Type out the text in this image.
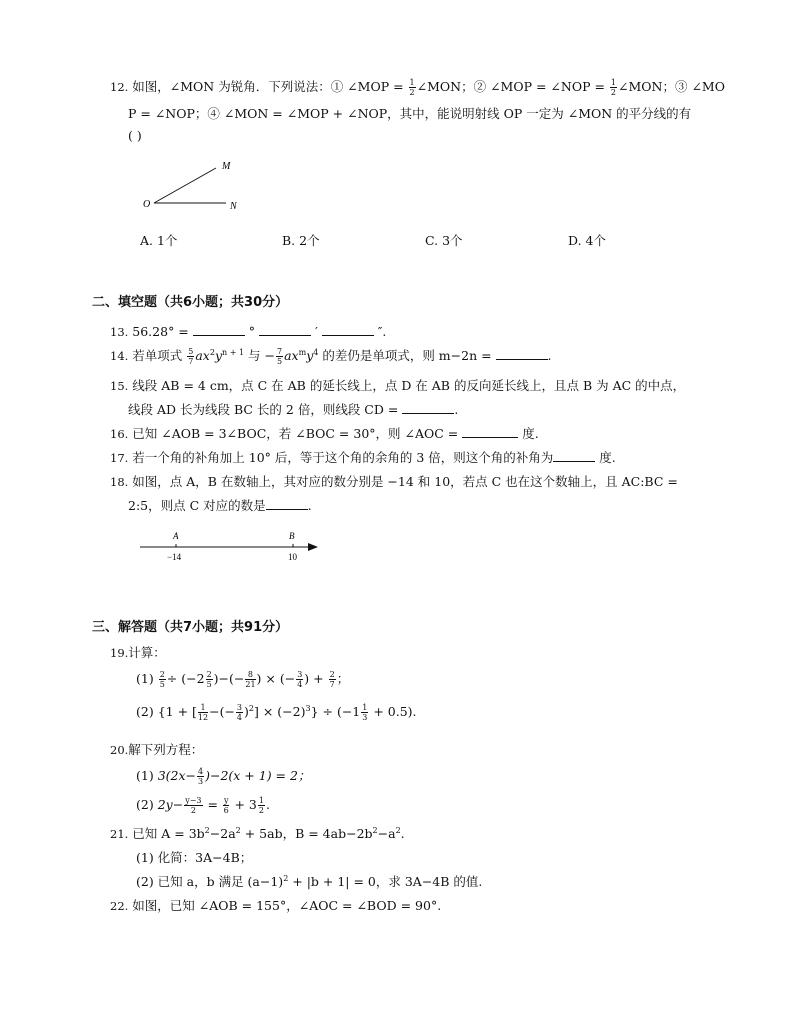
12. 如图，∠MON 为锐角．下列说法：① ∠MOP = $\frac{1}{2}$ ∠MON；② ∠MOP = ∠NOP = $\frac{1}{2}$ ∠MON；③ ∠MO
P = ∠NOP；④ ∠MON = ∠MOP + ∠NOP，其中，能说明射线 OP 一定为 ∠MON 的平分线的有
( )
M
O	N
A. 1个	B. 2个	C. 3个	D. 4个
二、填空题（共6小题；共30分）
13. 56.28° =	°	′	″.
14. 若单项式 $\frac{5}{7} ax^2y^{n + 1}$ 与 − $\frac{7}{5} ax^my^4$ 的差仍是单项式，则 m−2n =	.
15. 线段 AB = 4 cm，点 C 在 AB 的延长线上，点 D 在 AB 的反向延长线上，且点 B 为 AC 的中点，
线段 AD 长为线段 BC 长的 2 倍，则线段 CD =	.
16. 已知 ∠AOB = 3∠BOC，若 ∠BOC = 30°，则 ∠AOC =	度.
17. 若一个角的补角加上 10° 后，等于这个角的余角的 3 倍，则这个角的补角为	度.
18. 如图，点 A，B 在数轴上，其对应的数分别是 −14 和 10，若点 C 也在这个数轴上，且 AC:BC =
2:5，则点 C 对应的数是	.
A	B
−14	10
三、解答题（共7小题；共91分）
19.计算：
$(1) \frac{2}{5} \div (-2 \frac{2}{5}$ )−(− $\frac{8}{21}$ ) × (− $\frac{3}{4}$ ) + $\frac{2}{7}$ ；
(2) {1 + [ $\frac{1}{12}$ −(− $\frac{3}{4} )^2] \times (-2)^3\} \div (-1 \frac{1}{3} + 0.5)$.
20.解下列方程：
(1) $3(2x- \frac{4}{3} )-2(x + 1) = 2$；
(2) $2y- \frac{y-3}{2} = \frac{y}{6} + 3 \frac{1}{2}$ .
21. 已知 $A = 3b^2-2a^2 + 5ab$，$B = 4ab-2b^2-a^2$.
(1) 化简：3A−4B；
(2) 已知 a，b 满足 $(a-1)^2 + |b + 1| = 0$，求 3A−4B 的值.
22. 如图，已知 ∠AOB = 155°，∠AOC = ∠BOD = 90°.
